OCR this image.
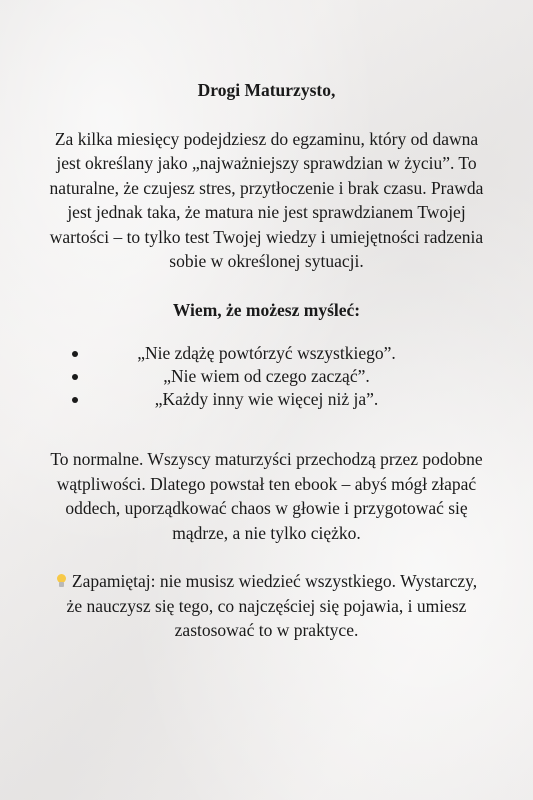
Drogi Maturzysto,

Za kilka miesięcy podejdziesz do egzaminu, który od dawna jest określany jako „najważniejszy sprawdzian w życiu”. To naturalne, że czujesz stres, przytłoczenie i brak czasu. Prawda jest jednak taka, że matura nie jest sprawdzianem Twojej wartości – to tylko test Twojej wiedzy i umiejętności radzenia sobie w określonej sytuacji.

Wiem, że możesz myśleć:

„Nie zdążę powtórzyć wszystkiego”.
„Nie wiem od czego zacząć”.
„Każdy inny wie więcej niż ja”.

To normalne. Wszyscy maturzyści przechodzą przez podobne wątpliwości. Dlatego powstał ten ebook – abyś mógł złapać oddech, uporządkować chaos w głowie i przygotować się mądrze, a nie tylko ciężko.

Zapamiętaj: nie musisz wiedzieć wszystkiego. Wystarczy, że nauczysz się tego, co najczęściej się pojawia, i umiesz zastosować to w praktyce.
